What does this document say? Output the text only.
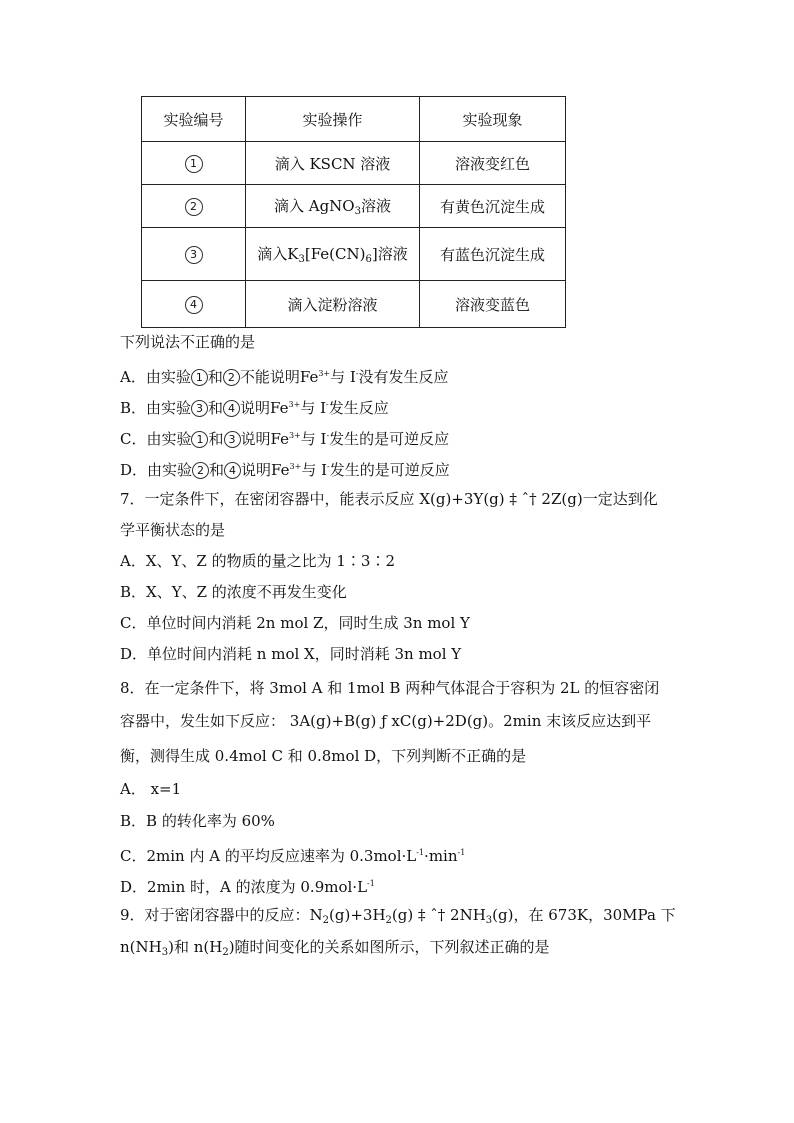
实验编号	实验操作	实验现象
1	滴入 KSCN 溶液	溶液变红色
2	滴入 AgNO$_3$溶液	有黄色沉淀生成
3	滴入$K_3[Fe(CN)_6]$溶液	有蓝色沉淀生成
4	滴入淀粉溶液	溶液变蓝色
下列说法不正确的是
A．由实验 1 和 2 不能说明$Fe^{3+}$与 I-没有发生反应
B．由实验 3 和 4 说明$Fe^{3+}$与 I-发生反应
C．由实验 1 和 3 说明$Fe^{3+}$与 I-发生的是可逆反应
D．由实验 2 和 4 说明$Fe^{3+}$与 I-发生的是可逆反应
7．一定条件下，在密闭容器中，能表示反应 X(g)+3Y(g) ‡ ˆ† 2Z(g)一定达到化
学平衡状态的是
A．X、Y、Z 的物质的量之比为 1∶3∶2
B．X、Y、Z 的浓度不再发生变化
C．单位时间内消耗 2n mol Z，同时生成 3n mol Y
D．单位时间内消耗 n mol X，同时消耗 3n mol Y
8．在一定条件下，将 3mol A 和 1mol B 两种气体混合于容积为 2L 的恒容密闭
容器中，发生如下反应： 3A(g)+B(g) ƒ xC(g)+2D(g)。2min 末该反应达到平
衡，测得生成 0.4mol C 和 0.8mol D，下列判断不正确的是
A． x=1
B．B 的转化率为 60%
C．2min 内 A 的平均反应速率为 $0.3mol\cdot L^{-1}\cdot\min^{-1}$
D．2min 时，A 的浓度为 $0.9mol\cdot L^{-1}$
9．对于密闭容器中的反应：$N_2(g)+3H_2(g)$ ‡ ˆ† $2NH_3(g)$，在 673K，30MPa 下
$n(NH_3)$和 $n(H_2)$随时间变化的关系如图所示，下列叙述正确的是
